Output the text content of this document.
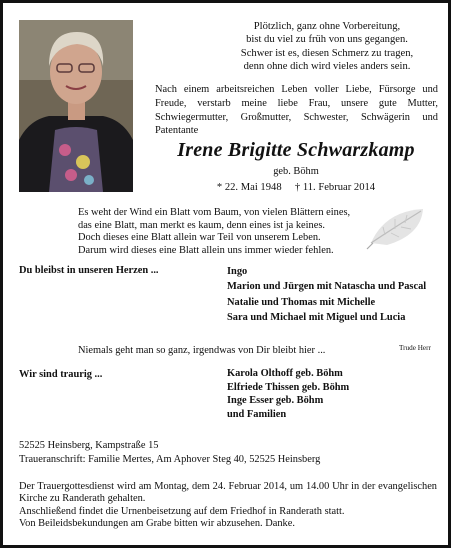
Plötzlich, ganz ohne Vorbereitung,
bist du viel zu früh von uns gegangen.
Schwer ist es, diesen Schmerz zu tragen,
denn ohne dich wird vieles anders sein.
Nach einem arbeitsreichen Leben voller Liebe, Fürsorge und Freude, verstarb meine liebe Frau, unsere gute Mutter, Schwiegermutter, Großmutter, Schwester, Schwägerin und Patentante
Irene Brigitte Schwarzkamp
geb. Böhm
* 22. Mai 1948 † 11. Februar 2014
Es weht der Wind ein Blatt vom Baum, von vielen Blättern eines,
das eine Blatt, man merkt es kaum, denn eines ist ja keines.
Doch dieses eine Blatt allein war Teil von unserem Leben.
Darum wird dieses eine Blatt allein uns immer wieder fehlen.
Du bleibst in unseren Herzen ...	Ingo
Marion und Jürgen mit Natascha und Pascal
Natalie und Thomas mit Michelle
Sara und Michael mit Miguel und Lucia
Niemals geht man so ganz, irgendwas von Dir bleibt hier ...	Trude Herr
Wir sind traurig ...	Karola Olthoff geb. Böhm
Elfriede Thissen geb. Böhm
Inge Esser geb. Böhm
und Familien
52525 Heinsberg, Kampstraße 15
Traueranschrift: Familie Mertes, Am Aphover Steg 40, 52525 Heinsberg
Der Trauergottesdienst wird am Montag, dem 24. Februar 2014, um 14.00 Uhr in der evangelischen Kirche zu Randerath gehalten.
Anschließend findet die Urnenbeisetzung auf dem Friedhof in Randerath statt.
Von Beileidsbekundungen am Grabe bitten wir abzusehen. Danke.
